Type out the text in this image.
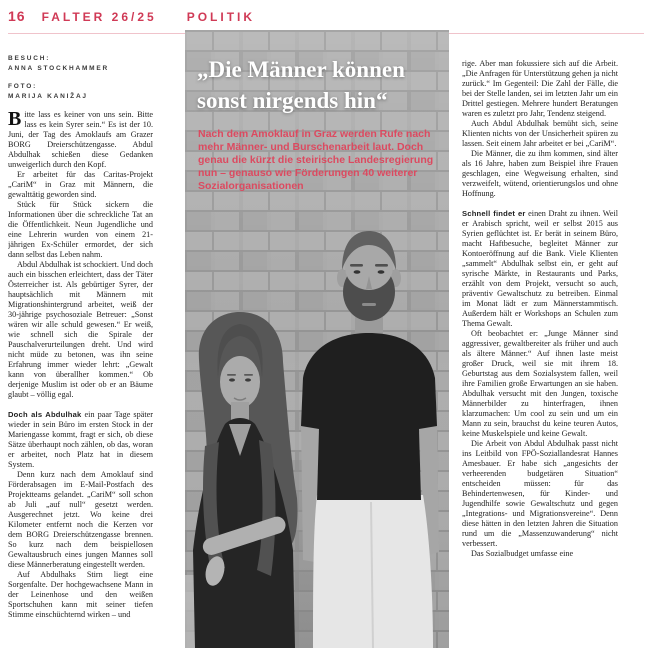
16 FALTER 26/25	POLITIK
BESUCH:
ANNA STOCKHAMMER
FOTO:
MARIJA KANIŽAJ

Bitte lass es keiner von uns sein. Bitte lass es kein Syrer sein.“ Es ist der 10. Juni, der Tag des Amoklaufs am Grazer BORG Dreierschützengasse. Abdul Abdulhak schießen diese Gedanken unweigerlich durch den Kopf.

Er arbeitet für das Caritas-Projekt „CariM“ in Graz mit Männern, die gewalttätig geworden sind.

Stück für Stück sickern die Informationen über die schreckliche Tat an die Öffentlichkeit. Neun Jugendliche und eine Lehrerin wurden von einem 21-jährigen Ex-Schüler ermordet, der sich dann selbst das Leben nahm.

Abdul Abdulhak ist schockiert. Und doch auch ein bisschen erleichtert, dass der Täter Österreicher ist. Als gebürtiger Syrer, der hauptsächlich mit Männern mit Migrationshintergrund arbeitet, weiß der 30-jährige psychosoziale Betreuer: „Sonst wären wir alle schuld gewesen.“ Er weiß, wie schnell sich die Spirale der Pauschalverurteilungen dreht. Und wird nicht müde zu betonen, was ihn seine Erfahrung immer wieder lehrt: „Gewalt kann von überallher kommen.“ Ob derjenige Muslim ist oder ob er an Bäume glaubt – völlig egal.

Doch als Abdulhak ein paar Tage später wieder in sein Büro im ersten Stock in der Mariengasse kommt, fragt er sich, ob diese Sätze überhaupt noch zählen, ob das, woran er arbeitet, noch Platz hat in diesem System.

Denn kurz nach dem Amoklauf sind Förderabsagen im E-Mail-Postfach des Projektteams gelandet. „CariM“ soll schon ab Juli „auf null“ gesetzt werden. Ausgerechnet jetzt. Wo keine drei Kilometer entfernt noch die Kerzen vor dem BORG Dreierschützengasse brennen. So kurz nach dem beispiellosen Gewaltausbruch eines jungen Mannes soll diese Männerberatung eingestellt werden.

Auf Abdulhaks Stirn liegt eine Sorgenfalte. Der hochgewachsene Mann in der Leinenhose und den weißen Sportschuhen kann mit seiner tiefen Stimme einschüchternd wirken – und

„Die Männer können
sonst nirgends hin“
Nach dem Amoklauf in Graz werden Rufe nach mehr Männer- und Burschenarbeit laut. Doch genau die kürzt die steirische Landesregierung nun – genauso wie Förderungen 40 weiterer Sozialorganisationen

rige. Aber man fokussiere sich auf die Arbeit. „Die Anfragen für Unterstützung gehen ja nicht zurück.“ Im Gegenteil: Die Zahl der Fälle, die bei der Stelle landen, sei im letzten Jahr um ein Drittel gestiegen. Mehrere hundert Beratungen waren es zuletzt pro Jahr, Tendenz steigend.

Auch Abdul Abdulhak bemüht sich, seine Klienten nichts von der Unsicherheit spüren zu lassen. Seit einem Jahr arbeitet er bei „CariM“.

Die Männer, die zu ihm kommen, sind älter als 16 Jahre, haben zum Beispiel ihre Frauen geschlagen, eine Wegweisung erhalten, sind verzweifelt, wütend, orientierungslos und ohne Hoffnung.

Schnell findet er einen Draht zu ihnen. Weil er Arabisch spricht, weil er selbst 2015 aus Syrien geflüchtet ist. Er berät in seinem Büro, macht Haftbesuche, begleitet Männer zur Kontoeröffnung auf die Bank. Viele Klienten „sammelt“ Abdulhak selbst ein, er geht auf syrische Märkte, in Restaurants und Parks, erzählt von dem Projekt, versucht so auch, präventiv Gewaltschutz zu betreiben. Einmal im Monat lädt er zum Männerstammtisch. Außerdem hält er Workshops an Schulen zum Thema Gewalt.

Oft beobachtet er: „Junge Männer sind aggressiver, gewaltbereiter als früher und auch als ältere Männer.“ Auf ihnen laste meist großer Druck, weil sie mit ihrem 18. Geburtstag aus dem Sozialsystem fallen, weil ihre Familien große Erwartungen an sie haben. Abdulhak versucht mit den Jungen, toxische Männerbilder zu hinterfragen, ihnen klarzumachen: Um cool zu sein und um ein Mann zu sein, brauchst du keine teuren Autos, keine Muskelspiele und keine Gewalt.

Die Arbeit von Abdul Abdulhak passt nicht ins Leitbild von FPÖ-Soziallandesrat Hannes Amesbauer. Er habe sich „angesichts der verheerenden budgetären Situation“ entscheiden müssen: für das Behindertenwesen, für Kinder- und Jugendhilfe sowie Gewaltschutz und gegen „Integrations- und Migrationsvereine“. Denn diese hätten in den letzten Jahren die Situation rund um die „Massenzuwanderung“ nicht verbessert.

Das Sozialbudget umfasse eine
